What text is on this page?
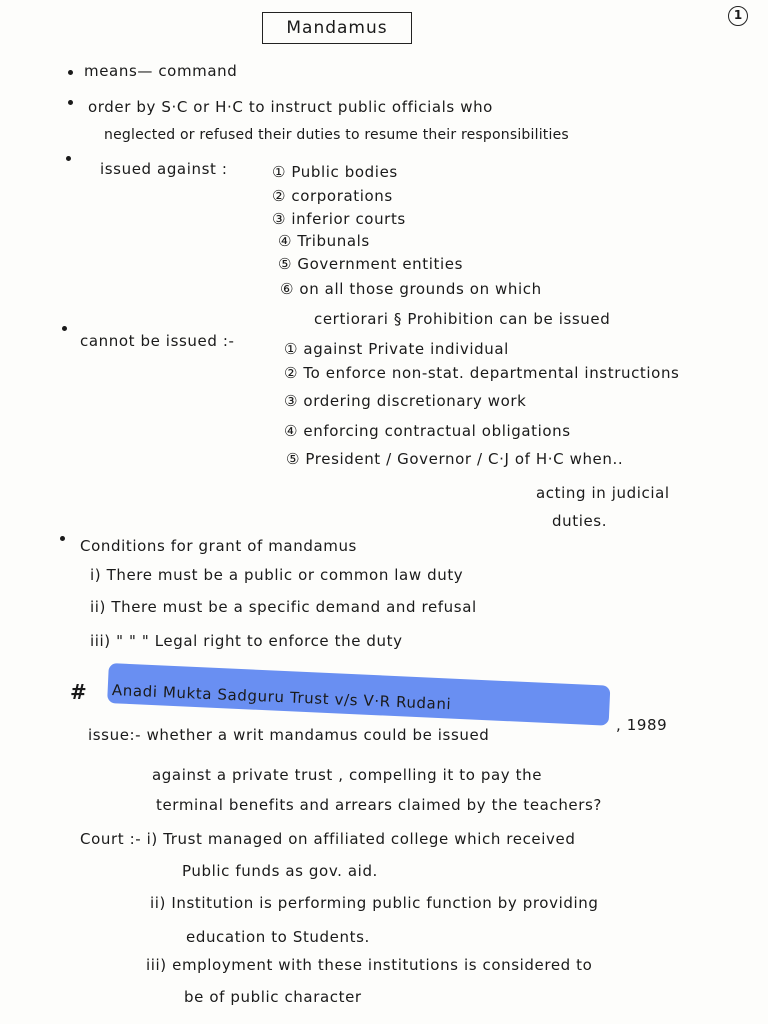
Mandamus
1
means— command
order by S·C or H·C to instruct public officials who
neglected or refused their duties to resume their responsibilities
issued against :	① Public bodies
② corporations
③ inferior courts
④ Tribunals
⑤ Government entities
⑥ on all those grounds on which
certiorari § Prohibition can be issued
cannot be issued :-	① against Private individual
② To enforce non-stat. departmental instructions
③ ordering discretionary work
④ enforcing contractual obligations
⑤ President / Governor / C·J of H·C when..
acting in judicial
duties.
Conditions for grant of mandamus
i) There must be a public or common law duty
ii) There must be a specific demand and refusal
iii) " " " Legal right to enforce the duty
# Anadi Mukta Sadguru Trust v/s V·R Rudani
, 1989
issue:- whether a writ mandamus could be issued
against a private trust , compelling it to pay the
terminal benefits and arrears claimed by the teachers?
Court :- i) Trust managed on affiliated college which received
Public funds as gov. aid.
ii) Institution is performing public function by providing
education to Students.
iii) employment with these institutions is considered to
be of public character
